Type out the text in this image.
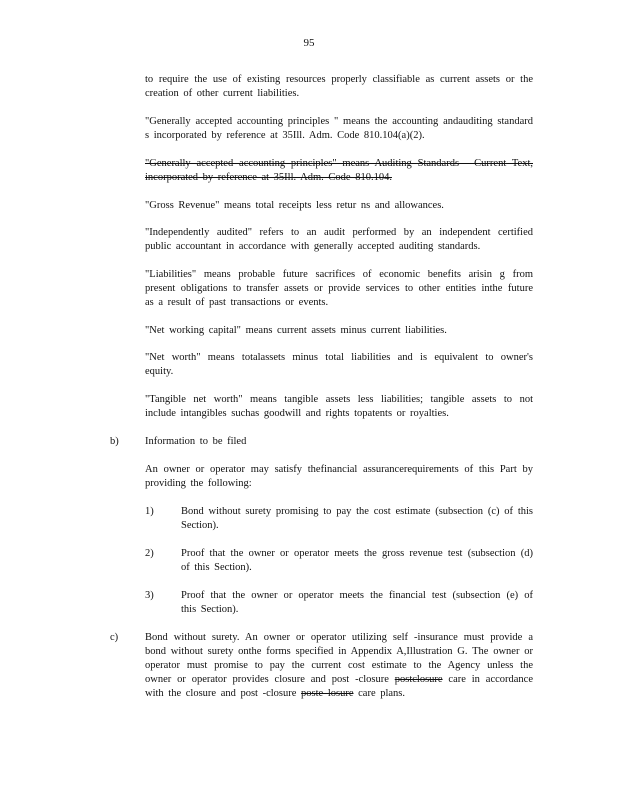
95
to require the use of existing resources properly classifiable as current assets or the creation of other current liabilities.
"Generally accepted accounting principles " means the accounting andauditing standard s incorporated by reference at 35Ill. Adm. Code 810.104(a)(2).
"Generally accepted accounting principles" means Auditing Standards - Current Text, incorporated by reference at 35Ill. Adm. Code 810.104.
"Gross Revenue" means total receipts less retur ns and allowances.
"Independently audited" refers to an audit performed by an independent certified public accountant in accordance with generally accepted auditing standards.
"Liabilities" means probable future sacrifices of economic benefits arisin g from present obligations to transfer assets or provide services to other entities inthe future as a result of past transactions or events.
"Net working capital" means current assets minus current liabilities.
"Net worth" means totalassets minus total liabilities and is equivalent to owner's equity.
"Tangible net worth" means tangible assets less liabilities; tangible assets to not include intangibles suchas goodwill and rights topatents or royalties.
b)	Information to be filed
An owner or operator may satisfy thefinancial assurancerequirements of this Part by providing the following:
1)	Bond without surety promising to pay the cost estimate (subsection (c) of this Section).
2)	Proof that the owner or operator meets the gross revenue test (subsection (d) of this Section).
3)	Proof that the owner or operator meets the financial test (subsection (e) of this Section).
c)	Bond without surety. An owner or operator utilizing self -insurance must provide a bond without surety onthe forms specified in Appendix A,Illustration G. The owner or operator must promise to pay the current cost estimate to the Agency unless the owner or operator provides closure and post -closure postclosure care in accordance with the closure and post -closure poste losure care plans.
